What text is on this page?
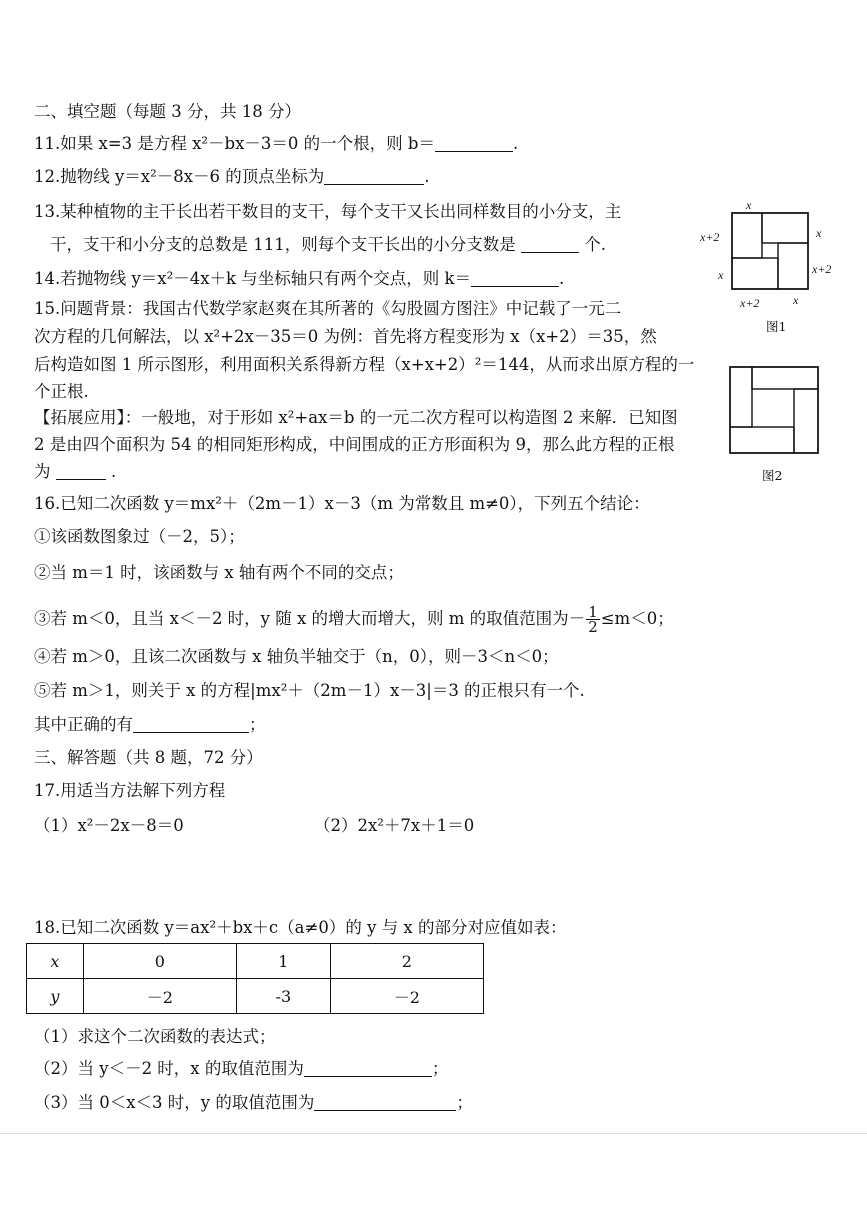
二、填空题（每题 3 分，共 18 分）
11.如果 x=3 是方程 x²－bx－3＝0 的一个根，则 b＝	.
12.抛物线 y＝x²－8x－6 的顶点坐标为	.
13.某种植物的主干长出若干数目的支干，每个支干又长出同样数目的小分支，主
干，支干和小分支的总数是 111，则每个支干长出的小分支数是	个.
14.若抛物线 y＝x²－4x＋k 与坐标轴只有两个交点，则 k＝	.
15.问题背景：我国古代数学家赵爽在其所著的《勾股圆方图注》中记载了一元二
次方程的几何解法，以 x²+2x－35＝0 为例：首先将方程变形为 x（x+2）＝35，然
后构造如图 1 所示图形，利用面积关系得新方程（x+x+2）²＝144，从而求出原方程的一
个正根.
【拓展应用】：一般地，对于形如 x²+ax＝b 的一元二次方程可以构造图 2 来解．已知图
2 是由四个面积为 54 的相同矩形构成，中间围成的正方形面积为 9，那么此方程的正根
为	.
x
x+2
x
x
x+2
x+2	x
图1
图2
16.已知二次函数 y＝mx²＋（2m－1）x－3（m 为常数且 m≠0），下列五个结论：
①该函数图象过（－2，5）；
②当 m＝1 时，该函数与 x 轴有两个不同的交点；
③若 m＜0，且当 x＜－2 时，y 随 x 的增大而增大，则 m 的取值范围为－ $\frac{1}{2} \le m<0$；
④若 m＞0，且该二次函数与 x 轴负半轴交于（n，0），则－3＜n＜0；
⑤若 m＞1，则关于 x 的方程|mx²＋（2m－1）x－3|＝3 的正根只有一个.
其中正确的有	；
三、解答题（共 8 题，72 分）
17.用适当方法解下列方程
（1）x²－2x－8＝0	（2）2x²＋7x＋1＝0
18.已知二次函数 y＝ax²＋bx＋c（a≠0）的 y 与 x 的部分对应值如表：
x	0	1	2
y	－2	-3	－2
（1）求这个二次函数的表达式；
（2）当 y＜－2 时，x 的取值范围为	；
（3）当 0＜x＜3 时，y 的取值范围为	；
